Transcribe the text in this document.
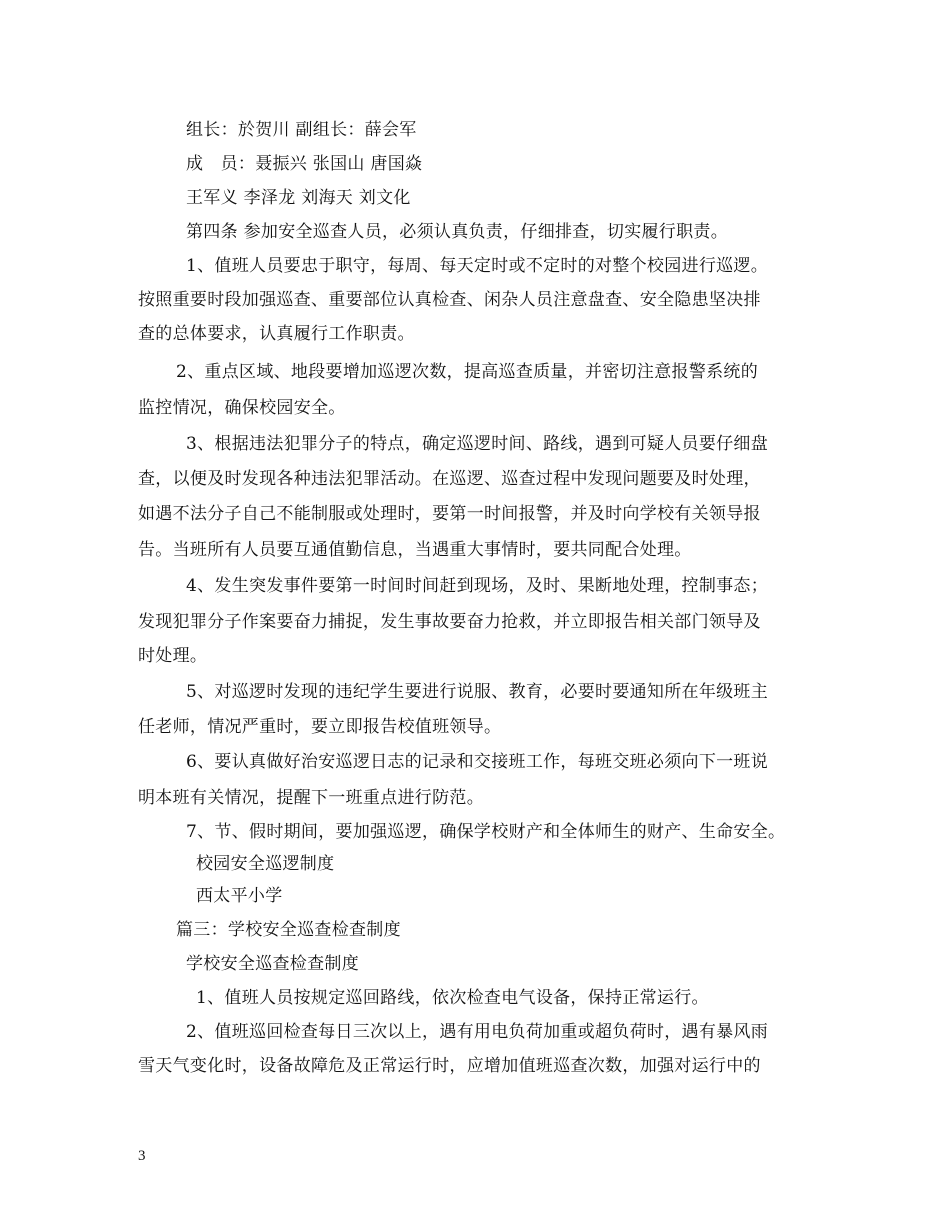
组长：於贺川 副组长：薛会军

成　员：聂振兴 张国山 唐国焱

王军义 李泽龙 刘海天 刘文化

第四条 参加安全巡查人员，必须认真负责，仔细排查，切实履行职责。

1、值班人员要忠于职守，每周、每天定时或不定时的对整个校园进行巡逻。

按照重要时段加强巡查、重要部位认真检查、闲杂人员注意盘查、安全隐患坚决排

查的总体要求，认真履行工作职责。

2、重点区域、地段要增加巡逻次数，提高巡查质量，并密切注意报警系统的

监控情况，确保校园安全。

3、根据违法犯罪分子的特点，确定巡逻时间、路线，遇到可疑人员要仔细盘

查，以便及时发现各种违法犯罪活动。在巡逻、巡查过程中发现问题要及时处理，

如遇不法分子自己不能制服或处理时，要第一时间报警，并及时向学校有关领导报

告。当班所有人员要互通值勤信息，当遇重大事情时，要共同配合处理。

4、发生突发事件要第一时间时间赶到现场，及时、果断地处理，控制事态；

发现犯罪分子作案要奋力捕捉，发生事故要奋力抢救，并立即报告相关部门领导及

时处理。

5、对巡逻时发现的违纪学生要进行说服、教育，必要时要通知所在年级班主

任老师，情况严重时，要立即报告校值班领导。

6、要认真做好治安巡逻日志的记录和交接班工作，每班交班必须向下一班说

明本班有关情况，提醒下一班重点进行防范。

7、节、假时期间，要加强巡逻，确保学校财产和全体师生的财产、生命安全。

校园安全巡逻制度

西太平小学

篇三：学校安全巡查检查制度

学校安全巡查检查制度

1、值班人员按规定巡回路线，依次检查电气设备，保持正常运行。

2、值班巡回检查每日三次以上，遇有用电负荷加重或超负荷时，遇有暴风雨

雪天气变化时，设备故障危及正常运行时，应增加值班巡查次数，加强对运行中的

3
